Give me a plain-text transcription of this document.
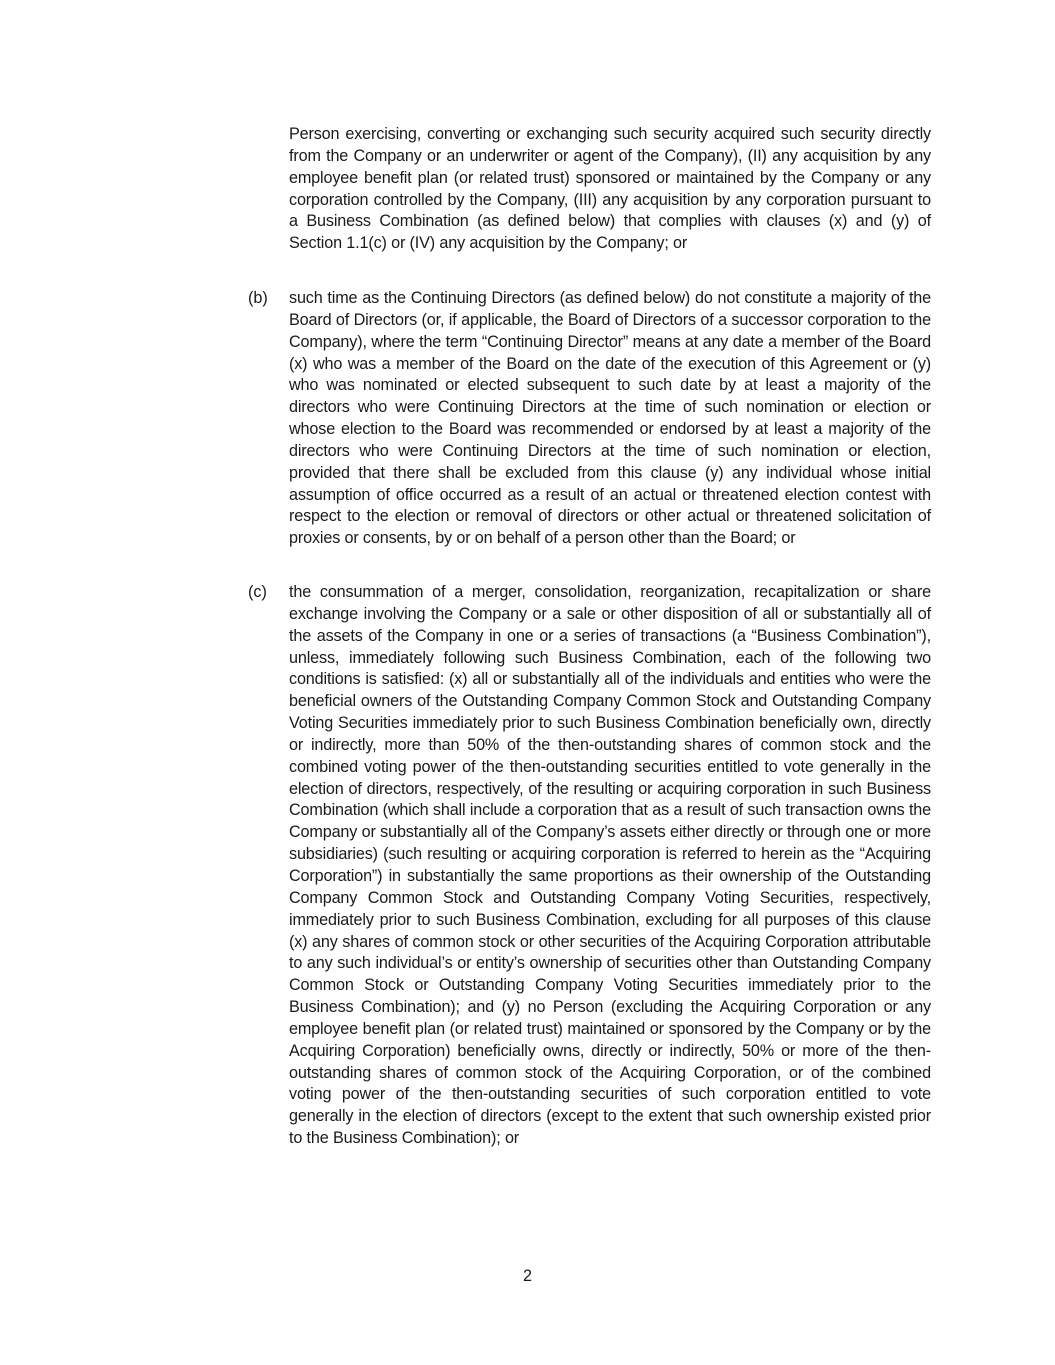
Person exercising, converting or exchanging such security acquired such security directly from the Company or an underwriter or agent of the Company), (II) any acquisition by any employee benefit plan (or related trust) sponsored or maintained by the Company or any corporation controlled by the Company, (III) any acquisition by any corporation pursuant to a Business Combination (as defined below) that complies with clauses (x) and (y) of Section 1.1(c) or (IV) any acquisition by the Company; or

(b) such time as the Continuing Directors (as defined below) do not constitute a majority of the Board of Directors (or, if applicable, the Board of Directors of a successor corporation to the Company), where the term “Continuing Director” means at any date a member of the Board (x) who was a member of the Board on the date of the execution of this Agreement or (y) who was nominated or elected subsequent to such date by at least a majority of the directors who were Continuing Directors at the time of such nomination or election or whose election to the Board was recommended or endorsed by at least a majority of the directors who were Continuing Directors at the time of such nomination or election, provided that there shall be excluded from this clause (y) any individual whose initial assumption of office occurred as a result of an actual or threatened election contest with respect to the election or removal of directors or other actual or threatened solicitation of proxies or consents, by or on behalf of a person other than the Board; or

(c) the consummation of a merger, consolidation, reorganization, recapitalization or share exchange involving the Company or a sale or other disposition of all or substantially all of the assets of the Company in one or a series of transactions (a “Business Combination”), unless, immediately following such Business Combination, each of the following two conditions is satisfied: (x) all or substantially all of the individuals and entities who were the beneficial owners of the Outstanding Company Common Stock and Outstanding Company Voting Securities immediately prior to such Business Combination beneficially own, directly or indirectly, more than 50% of the then-outstanding shares of common stock and the combined voting power of the then-outstanding securities entitled to vote generally in the election of directors, respectively, of the resulting or acquiring corporation in such Business Combination (which shall include a corporation that as a result of such transaction owns the Company or substantially all of the Company’s assets either directly or through one or more subsidiaries) (such resulting or acquiring corporation is referred to herein as the “Acquiring Corporation”) in substantially the same proportions as their ownership of the Outstanding Company Common Stock and Outstanding Company Voting Securities, respectively, immediately prior to such Business Combination, excluding for all purposes of this clause (x) any shares of common stock or other securities of the Acquiring Corporation attributable to any such individual’s or entity’s ownership of securities other than Outstanding Company Common Stock or Outstanding Company Voting Securities immediately prior to the Business Combination); and (y) no Person (excluding the Acquiring Corporation or any employee benefit plan (or related trust) maintained or sponsored by the Company or by the Acquiring Corporation) beneficially owns, directly or indirectly, 50% or more of the then-outstanding shares of common stock of the Acquiring Corporation, or of the combined voting power of the then-outstanding securities of such corporation entitled to vote generally in the election of directors (except to the extent that such ownership existed prior to the Business Combination); or

2
